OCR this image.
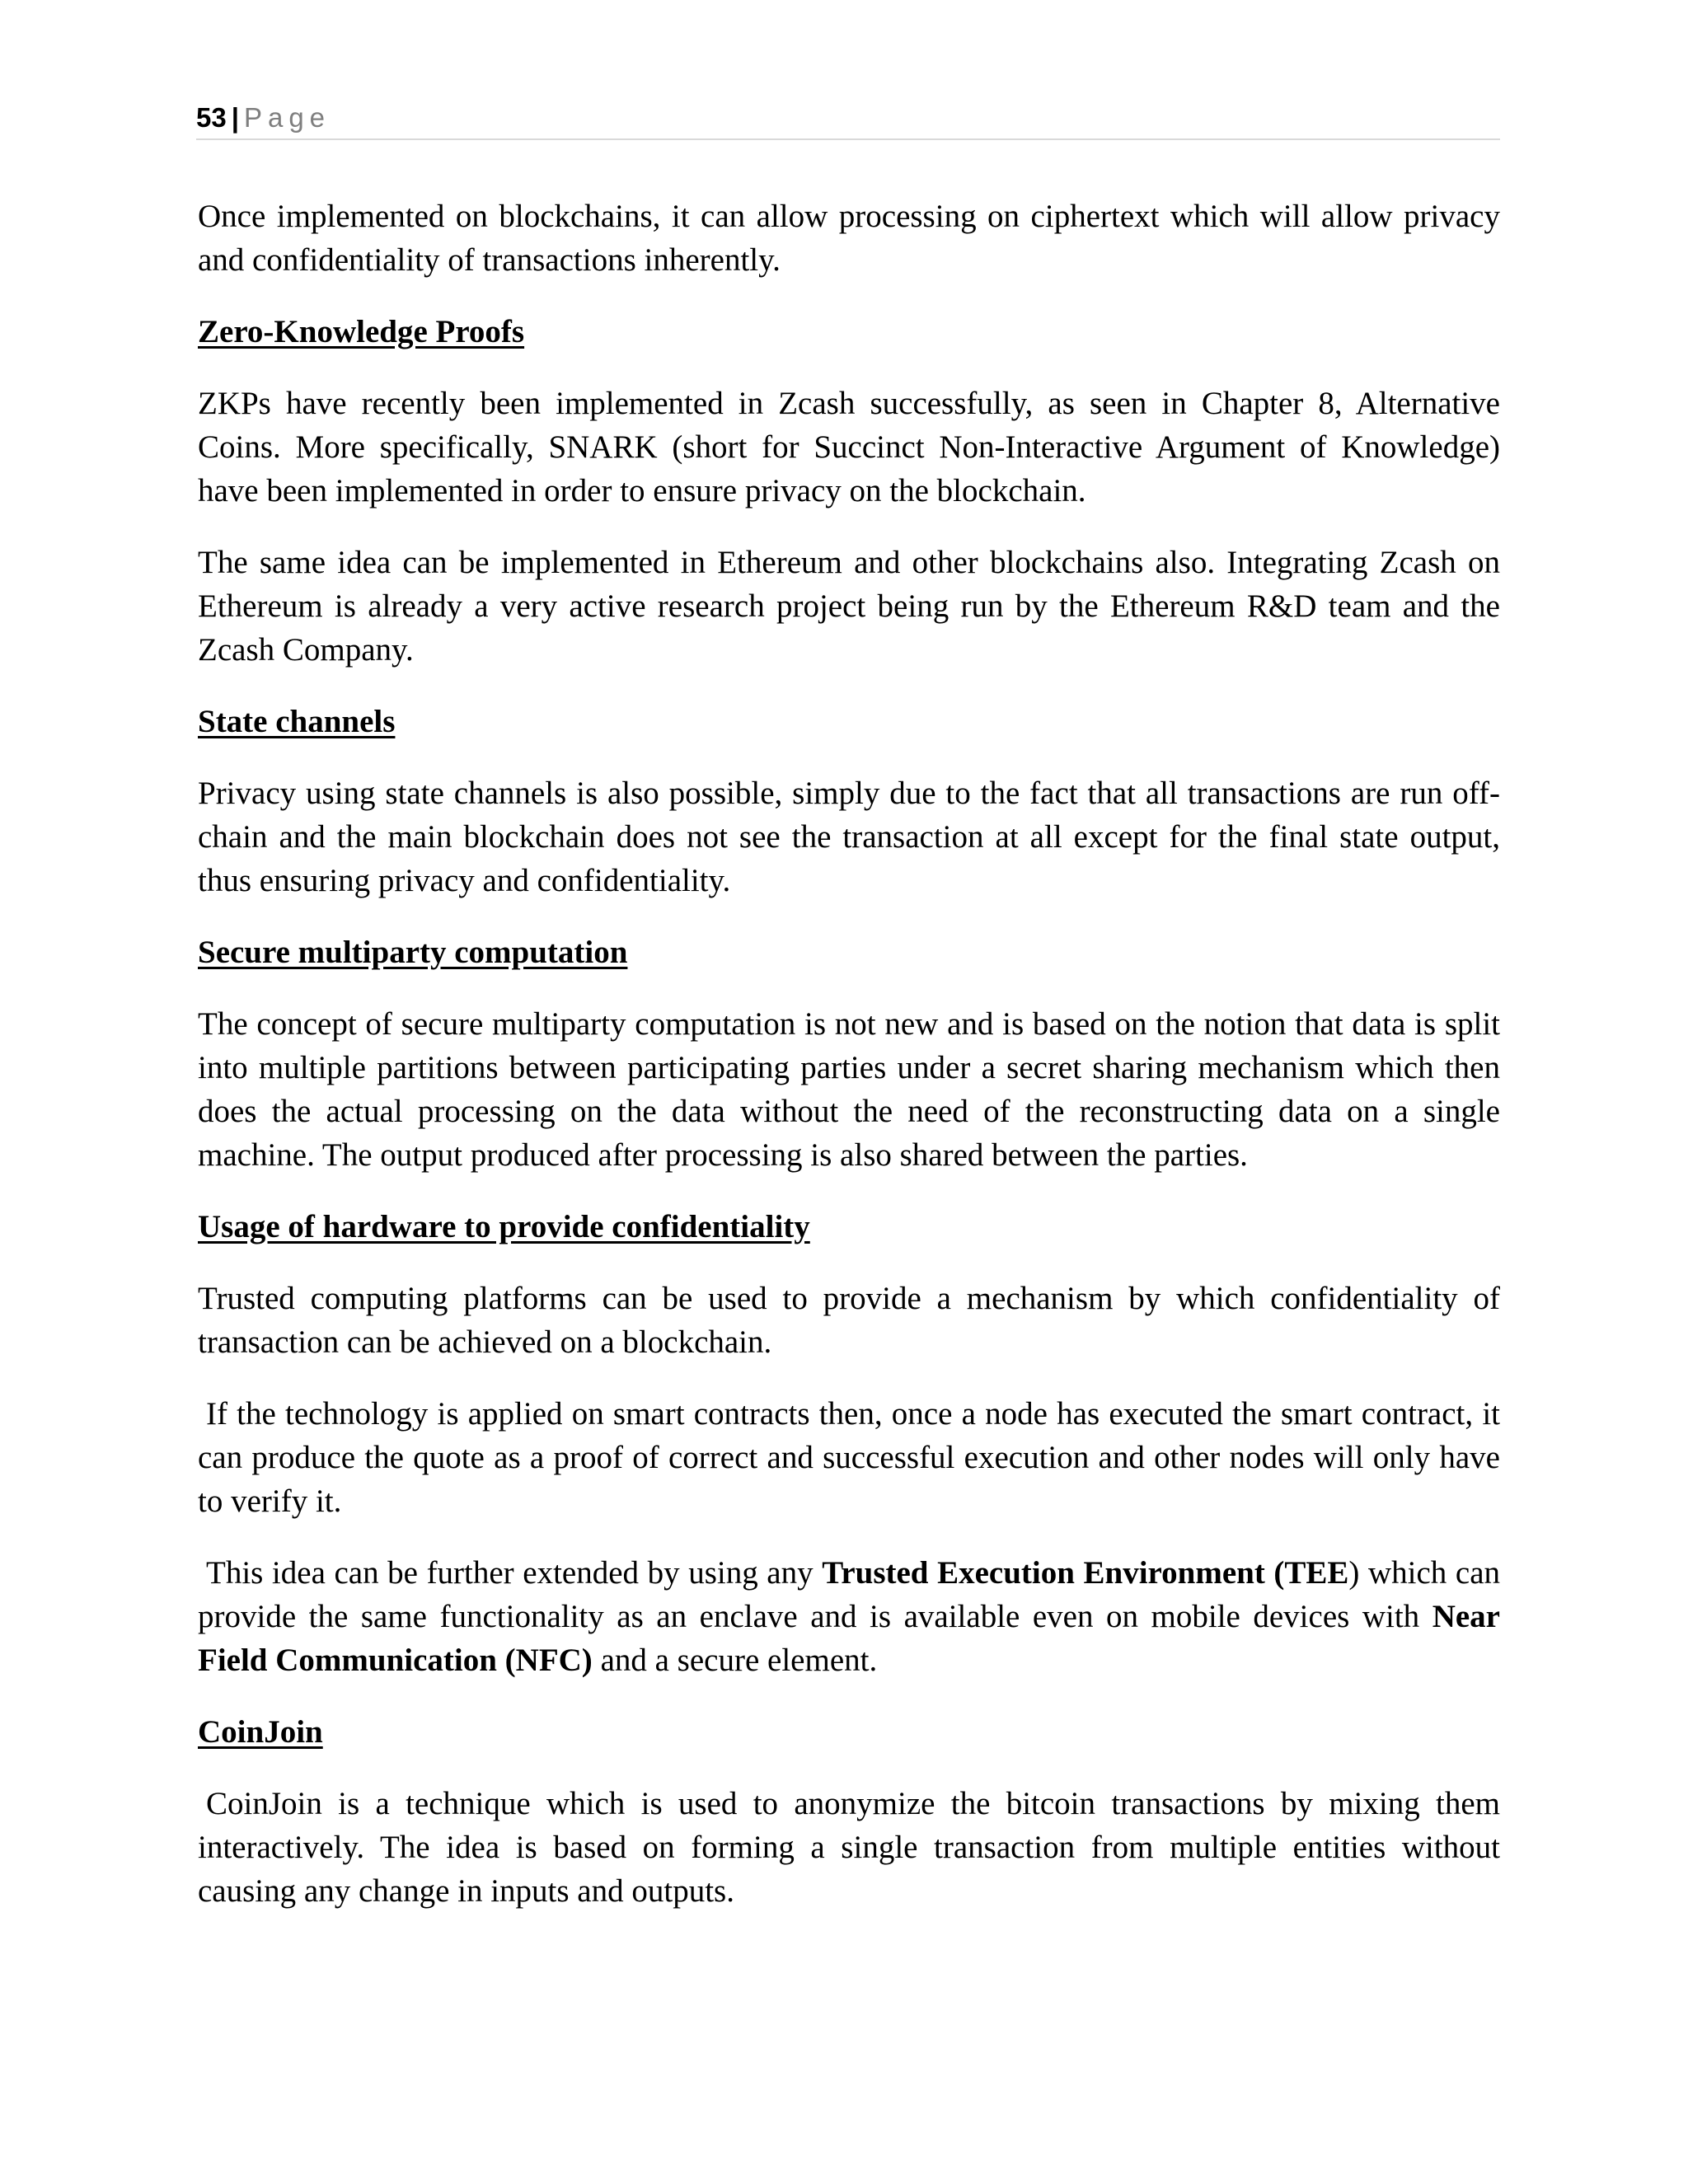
53 | Page

Once implemented on blockchains, it can allow processing on ciphertext which will allow privacy and confidentiality of transactions inherently.

Zero-Knowledge Proofs

ZKPs have recently been implemented in Zcash successfully, as seen in Chapter 8, Alternative Coins. More specifically, SNARK (short for Succinct Non-Interactive Argument of Knowledge) have been implemented in order to ensure privacy on the blockchain.

The same idea can be implemented in Ethereum and other blockchains also. Integrating Zcash on Ethereum is already a very active research project being run by the Ethereum R&D team and the Zcash Company.

State channels

Privacy using state channels is also possible, simply due to the fact that all transactions are run off-chain and the main blockchain does not see the transaction at all except for the final state output, thus ensuring privacy and confidentiality.

Secure multiparty computation

The concept of secure multiparty computation is not new and is based on the notion that data is split into multiple partitions between participating parties under a secret sharing mechanism which then does the actual processing on the data without the need of the reconstructing data on a single machine. The output produced after processing is also shared between the parties.

Usage of hardware to provide confidentiality

Trusted computing platforms can be used to provide a mechanism by which confidentiality of transaction can be achieved on a blockchain.

If the technology is applied on smart contracts then, once a node has executed the smart contract, it can produce the quote as a proof of correct and successful execution and other nodes will only have to verify it.

This idea can be further extended by using any Trusted Execution Environment (TEE) which can provide the same functionality as an enclave and is available even on mobile devices with Near Field Communication (NFC) and a secure element.

CoinJoin

CoinJoin is a technique which is used to anonymize the bitcoin transactions by mixing them interactively. The idea is based on forming a single transaction from multiple entities without causing any change in inputs and outputs.
